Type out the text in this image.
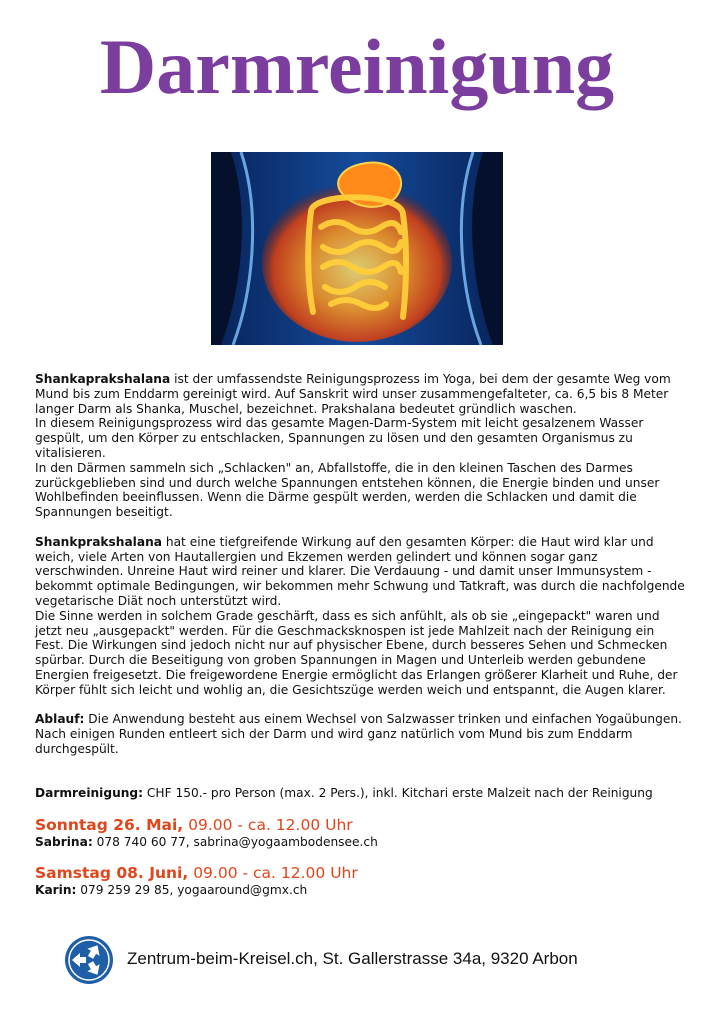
Darmreinigung

Shankaprakshalana ist der umfassendste Reinigungsprozess im Yoga, bei dem der gesamte Weg vom Mund bis zum Enddarm gereinigt wird. Auf Sanskrit wird unser zusammengefalteter, ca. 6,5 bis 8 Meter langer Darm als Shanka, Muschel, bezeichnet. Prakshalana bedeutet gründlich waschen.

In diesem Reinigungsprozess wird das gesamte Magen-Darm-System mit leicht gesalzenem Wasser gespült, um den Körper zu entschlacken, Spannungen zu lösen und den gesamten Organismus zu vitalisieren.

In den Därmen sammeln sich „Schlacken" an, Abfallstoffe, die in den kleinen Taschen des Darmes zurückgeblieben sind und durch welche Spannungen entstehen können, die Energie binden und unser Wohlbefinden beeinflussen. Wenn die Därme gespült werden, werden die Schlacken und damit die Spannungen beseitigt.

Shankprakshalana hat eine tiefgreifende Wirkung auf den gesamten Körper: die Haut wird klar und weich, viele Arten von Hautallergien und Ekzemen werden gelindert und können sogar ganz verschwinden. Unreine Haut wird reiner und klarer. Die Verdauung - und damit unser Immunsystem - bekommt optimale Bedingungen, wir bekommen mehr Schwung und Tatkraft, was durch die nachfolgende vegetarische Diät noch unterstützt wird.

Die Sinne werden in solchem Grade geschärft, dass es sich anfühlt, als ob sie „eingepackt" waren und jetzt neu „ausgepackt" werden. Für die Geschmacksknospen ist jede Mahlzeit nach der Reinigung ein Fest. Die Wirkungen sind jedoch nicht nur auf physischer Ebene, durch besseres Sehen und Schmecken spürbar. Durch die Beseitigung von groben Spannungen in Magen und Unterleib werden gebundene Energien freigesetzt. Die freigewordene Energie ermöglicht das Erlangen größerer Klarheit und Ruhe, der Körper fühlt sich leicht und wohlig an, die Gesichtszüge werden weich und entspannt, die Augen klarer.

Ablauf: Die Anwendung besteht aus einem Wechsel von Salzwasser trinken und einfachen Yogaübungen. Nach einigen Runden entleert sich der Darm und wird ganz natürlich vom Mund bis zum Enddarm durchgespült.

Darmreinigung: CHF 150.- pro Person (max. 2 Pers.), inkl. Kitchari erste Malzeit nach der Reinigung
Sonntag 26. Mai, 09.00 - ca. 12.00 Uhr
Sabrina: 078 740 60 77, sabrina@yogaambodensee.ch
Samstag 08. Juni, 09.00 - ca. 12.00 Uhr
Karin: 079 259 29 85, yogaaround@gmx.ch
Zentrum-beim-Kreisel.ch, St. Gallerstrasse 34a, 9320 Arbon
